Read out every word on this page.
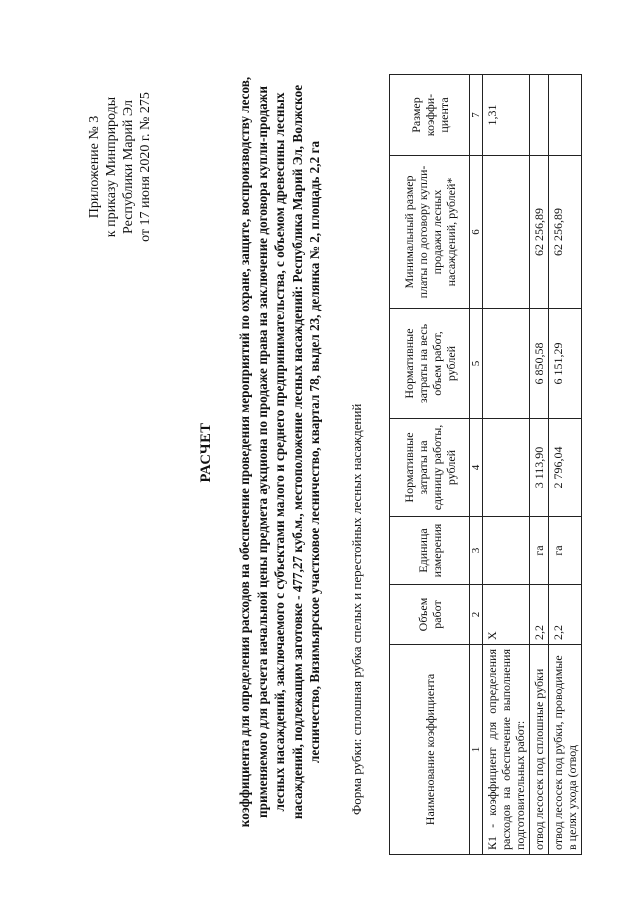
Приложение № 3 к приказу Минприроды Республики Марий Эл от 17 июня 2020 г. № 275
РАСЧЕТ коэффициента для определения расходов на обеспечение проведения мероприятий по охране, защите, воспроизводству лесов, применяемого для расчета начальной цены предмета аукциона по продаже права на заключение договора купли-продажи лесных насаждений, заключаемого с субъектами малого и среднего предпринимательства, с объемом древесины лесных насаждений, подлежащим заготовке - 477,27 куб.м., местоположение лесных насаждений: Республика Марий Эл, Волжское лесничество, Визимьярское участковое лесничество, квартал 78, выдел 23, делянка № 2, площадь 2,2 га Форма рубки: сплошная рубка спелых и перестойных лесных насаждений	Наименование коэффициента	Объем работ	Единица измерения	Нормативные затраты на единицу работы, рублей	Нормативные затраты на весь объем работ, рублей	Минимальный размер платы по договору купли-продажи лесных насаждений, рублей*	Размер коэффи-циента
1	2	3	4	5	6	7
К1 - коэффициент для определения расходов на обеспечение выполнения подготовительных работ:	Х					1,31
отвод лесосек под сплошные рубки	2,2	га	3 113,90	6 850,58	62 256,89	
отвод лесосек под рубки, проводимые в целях ухода (отвод	2,2	га	2 796,04	6 151,29	62 256,89	
